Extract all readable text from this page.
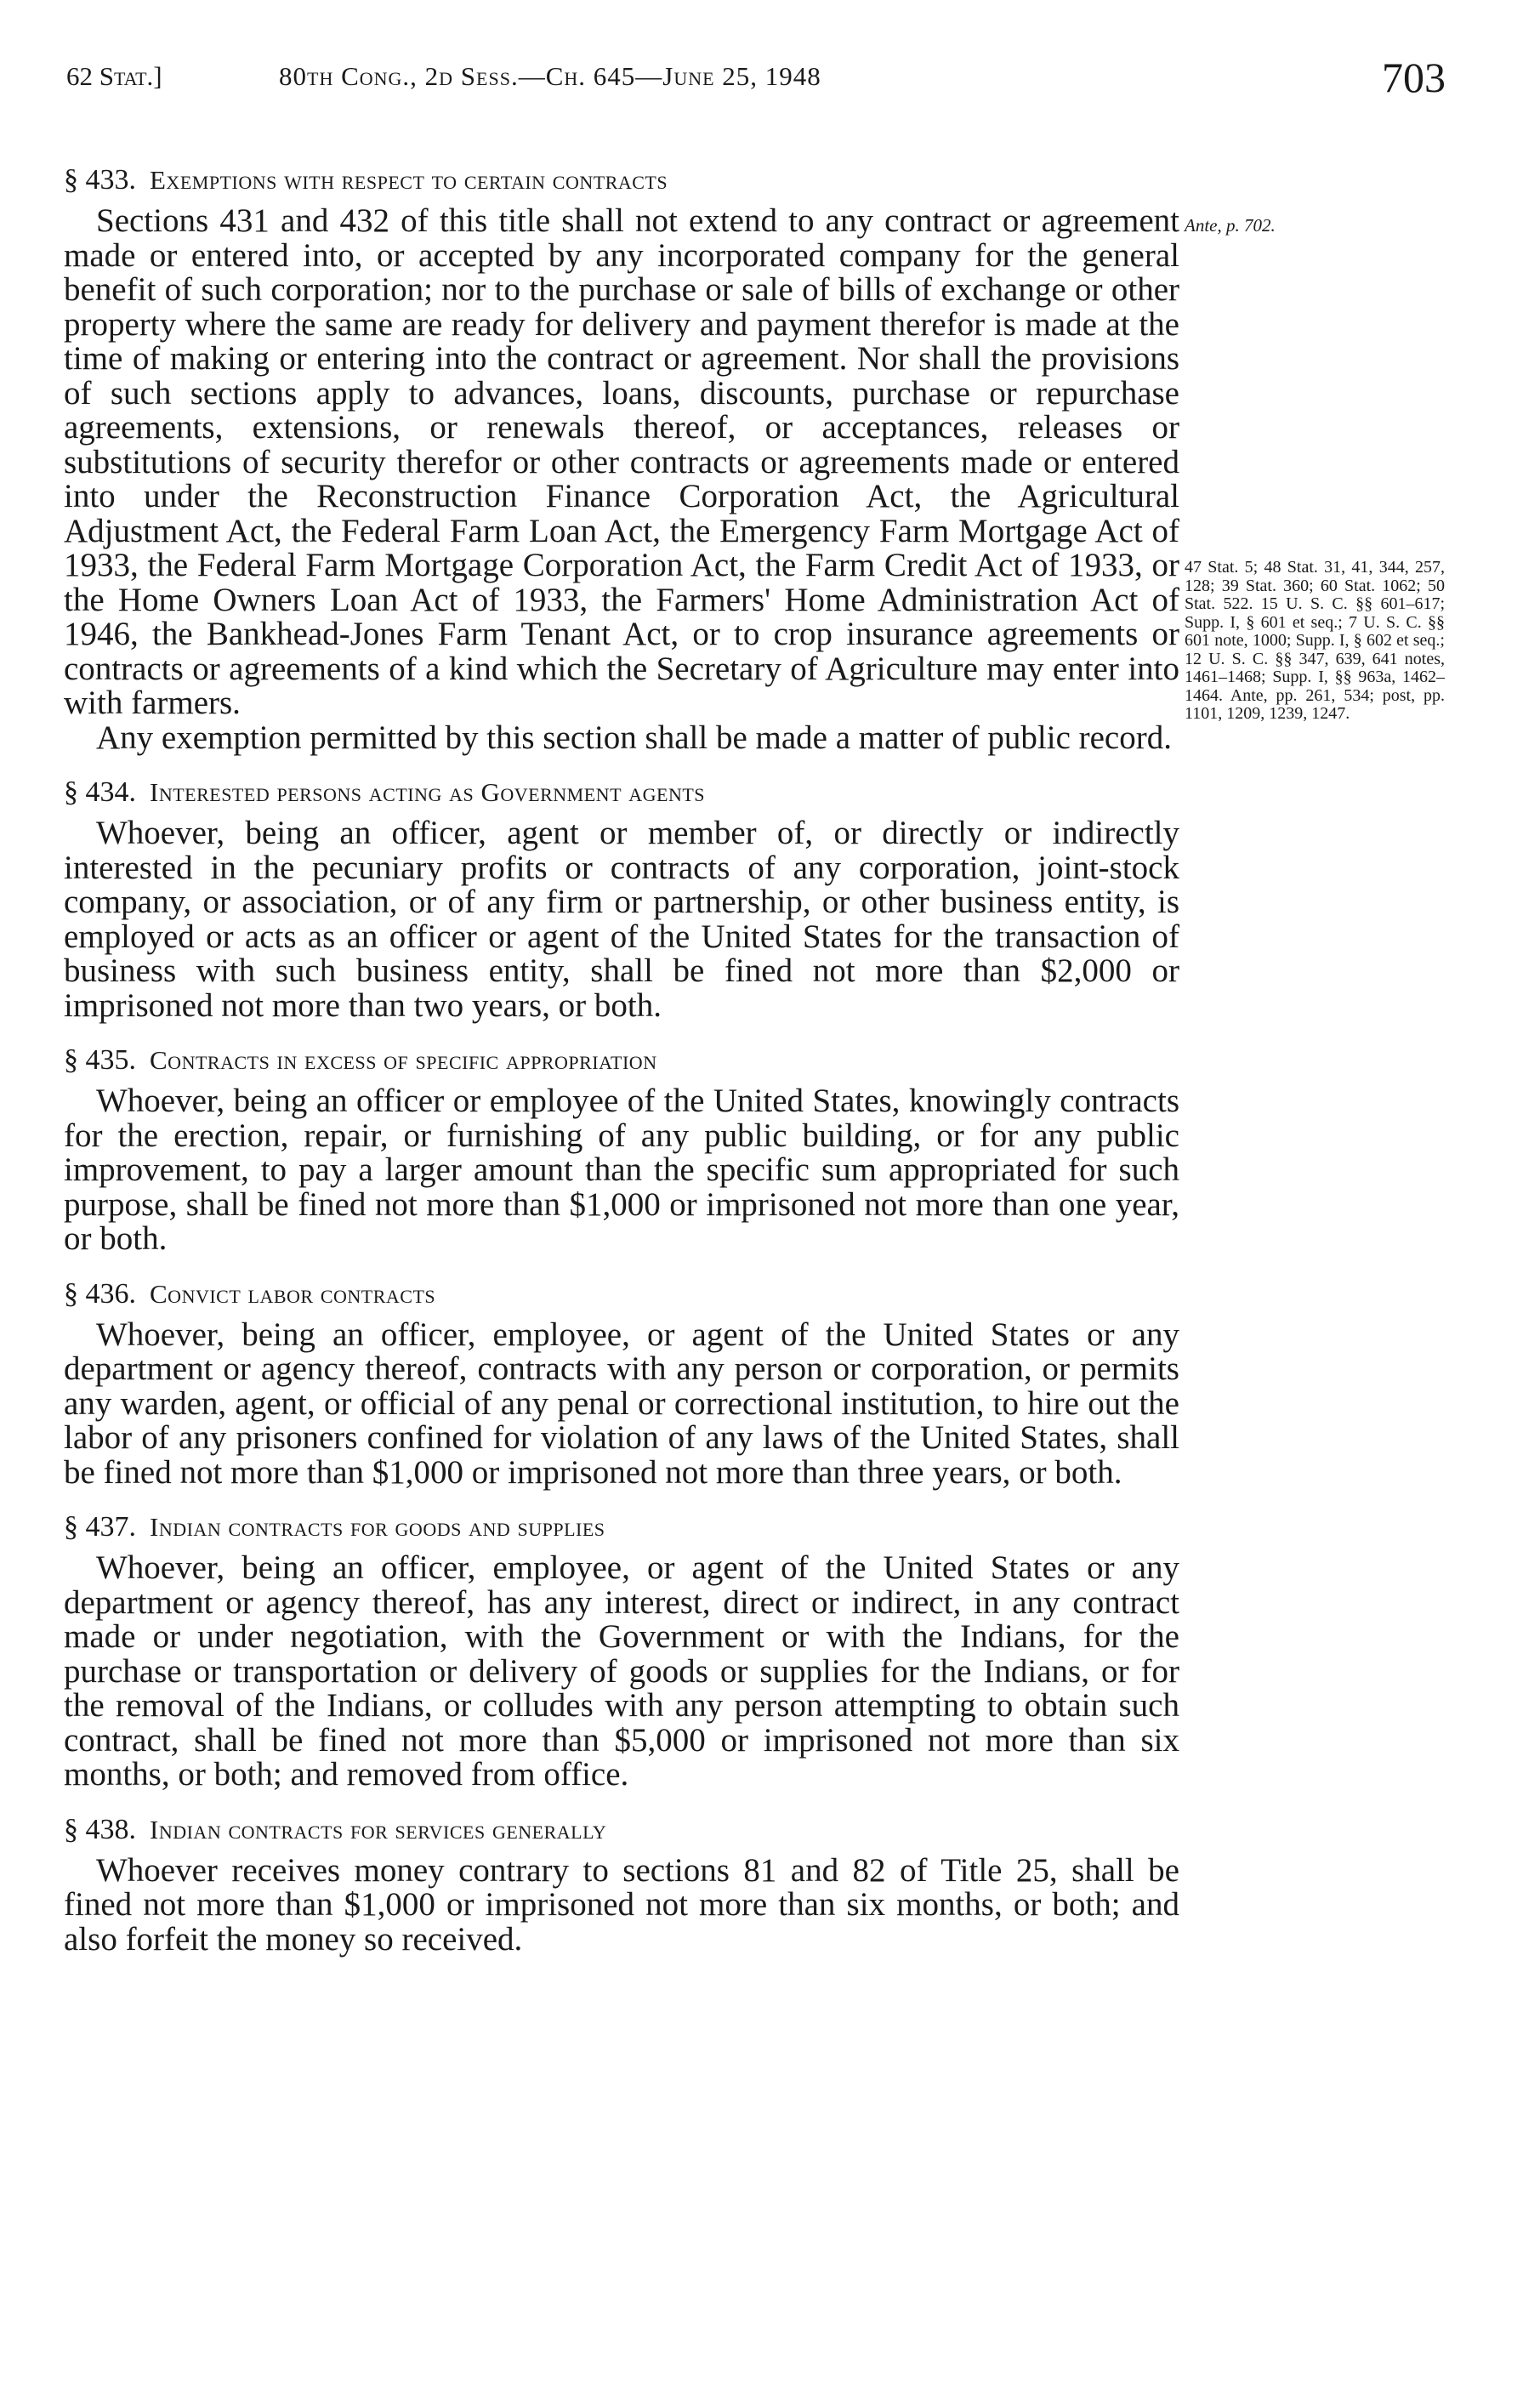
62 Stat.]	80th Cong., 2d Sess.—Ch. 645—June 25, 1948	703
§ 433. Exemptions with respect to certain contracts

Sections 431 and 432 of this title shall not extend to any contract or agreement made or entered into, or accepted by any incorporated company for the general benefit of such corporation; nor to the purchase or sale of bills of exchange or other property where the same are ready for delivery and payment therefor is made at the time of making or entering into the contract or agreement. Nor shall the provisions of such sections apply to advances, loans, discounts, purchase or repurchase agreements, extensions, or renewals thereof, or acceptances, releases or substitutions of security therefor or other contracts or agreements made or entered into under the Reconstruction Finance Corporation Act, the Agricultural Adjustment Act, the Federal Farm Loan Act, the Emergency Farm Mortgage Act of 1933, the Federal Farm Mortgage Corporation Act, the Farm Credit Act of 1933, or the Home Owners Loan Act of 1933, the Farmers' Home Administration Act of 1946, the Bankhead-Jones Farm Tenant Act, or to crop insurance agreements or contracts or agreements of a kind which the Secretary of Agriculture may enter into with farmers.

Any exemption permitted by this section shall be made a matter of public record.

§ 434. Interested persons acting as Government agents

Whoever, being an officer, agent or member of, or directly or indirectly interested in the pecuniary profits or contracts of any corporation, joint-stock company, or association, or of any firm or partnership, or other business entity, is employed or acts as an officer or agent of the United States for the transaction of business with such business entity, shall be fined not more than $2,000 or imprisoned not more than two years, or both.

§ 435. Contracts in excess of specific appropriation

Whoever, being an officer or employee of the United States, knowingly contracts for the erection, repair, or furnishing of any public building, or for any public improvement, to pay a larger amount than the specific sum appropriated for such purpose, shall be fined not more than $1,000 or imprisoned not more than one year, or both.

§ 436. Convict labor contracts

Whoever, being an officer, employee, or agent of the United States or any department or agency thereof, contracts with any person or corporation, or permits any warden, agent, or official of any penal or correctional institution, to hire out the labor of any prisoners confined for violation of any laws of the United States, shall be fined not more than $1,000 or imprisoned not more than three years, or both.

§ 437. Indian contracts for goods and supplies

Whoever, being an officer, employee, or agent of the United States or any department or agency thereof, has any interest, direct or indirect, in any contract made or under negotiation, with the Government or with the Indians, for the purchase or transportation or delivery of goods or supplies for the Indians, or for the removal of the Indians, or colludes with any person attempting to obtain such contract, shall be fined not more than $5,000 or imprisoned not more than six months, or both; and removed from office.

§ 438. Indian contracts for services generally

Whoever receives money contrary to sections 81 and 82 of Title 25, shall be fined not more than $1,000 or imprisoned not more than six months, or both; and also forfeit the money so received.

Ante, p. 702.
47 Stat. 5; 48 Stat. 31, 41, 344, 257, 128; 39 Stat. 360; 60 Stat. 1062; 50 Stat. 522. 15 U. S. C. §§ 601–617; Supp. I, § 601 et seq.; 7 U. S. C. §§ 601 note, 1000; Supp. I, § 602 et seq.; 12 U. S. C. §§ 347, 639, 641 notes, 1461–1468; Supp. I, §§ 963a, 1462–1464. Ante, pp. 261, 534; post, pp. 1101, 1209, 1239, 1247.
